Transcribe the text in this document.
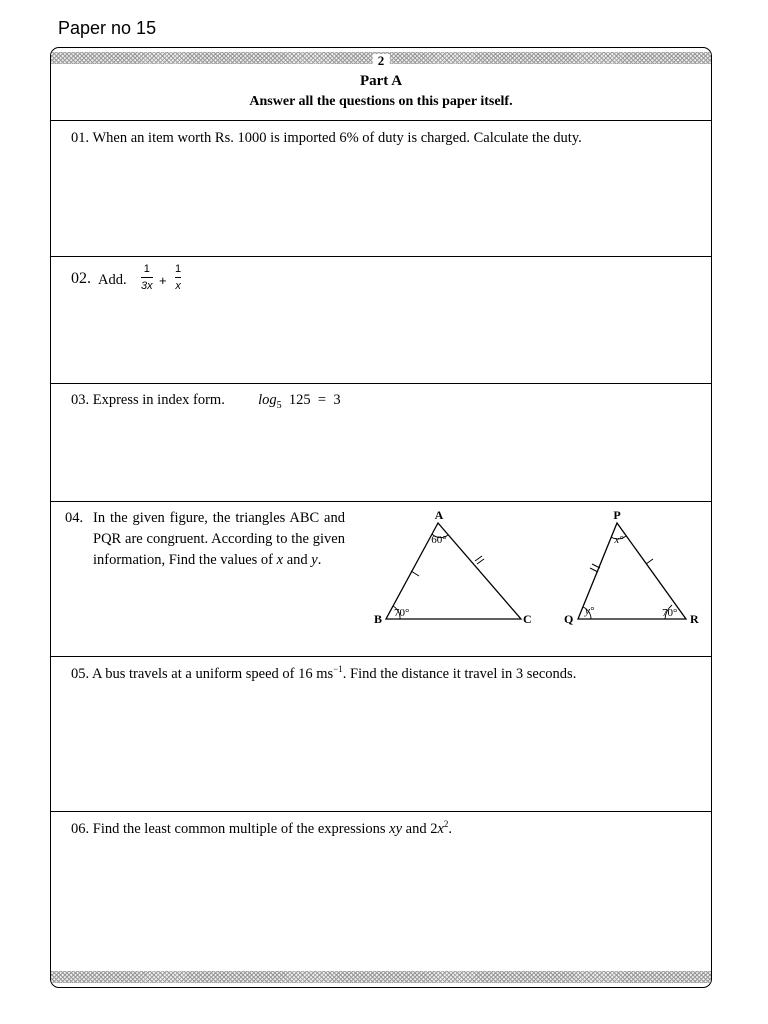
Paper no 15
2
Part A
Answer all the questions on this paper itself.
01. When an item worth Rs. 1000 is imported 6% of duty is charged. Calculate the duty.
02. Add.
1
3x +
1
x
03. Express in index form. $\log_5 125 = 3$
04. In the given figure, the triangles ABC and PQR are congruent. According to the given information, Find the values of x and y.
A
B	C
60°
70°
P
Q	R
x°
y°	70°
05. A bus travels at a uniform speed of 16 $ms^{-1}$. Find the distance it travel in 3 seconds.
06. Find the least common multiple of the expressions xy and $2x^2$.
